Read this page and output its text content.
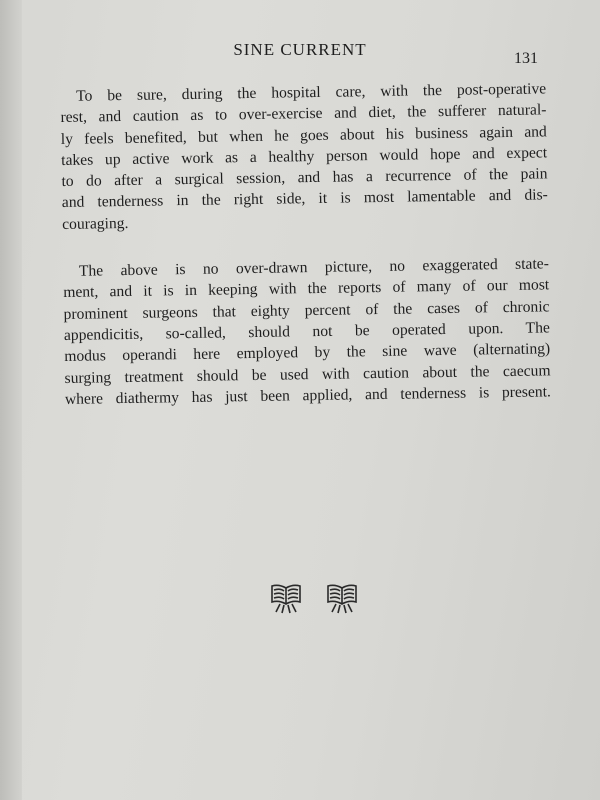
SINE CURRENT	131

To be sure, during the hospital care, with the post-operative
rest, and caution as to over-exercise and diet, the sufferer natural-
ly feels benefited, but when he goes about his business again and
takes up active work as a healthy person would hope and expect
to do after a surgical session, and has a recurrence of the pain
and tenderness in the right side, it is most lamentable and dis-
couraging.

The above is no over-drawn picture, no exaggerated state-
ment, and it is in keeping with the reports of many of our most
prominent surgeons that eighty percent of the cases of chronic
appendicitis, so-called, should not be operated upon. The
modus operandi here employed by the sine wave (alternating)
surging treatment should be used with caution about the caecum
where diathermy has just been applied, and tenderness is present.
